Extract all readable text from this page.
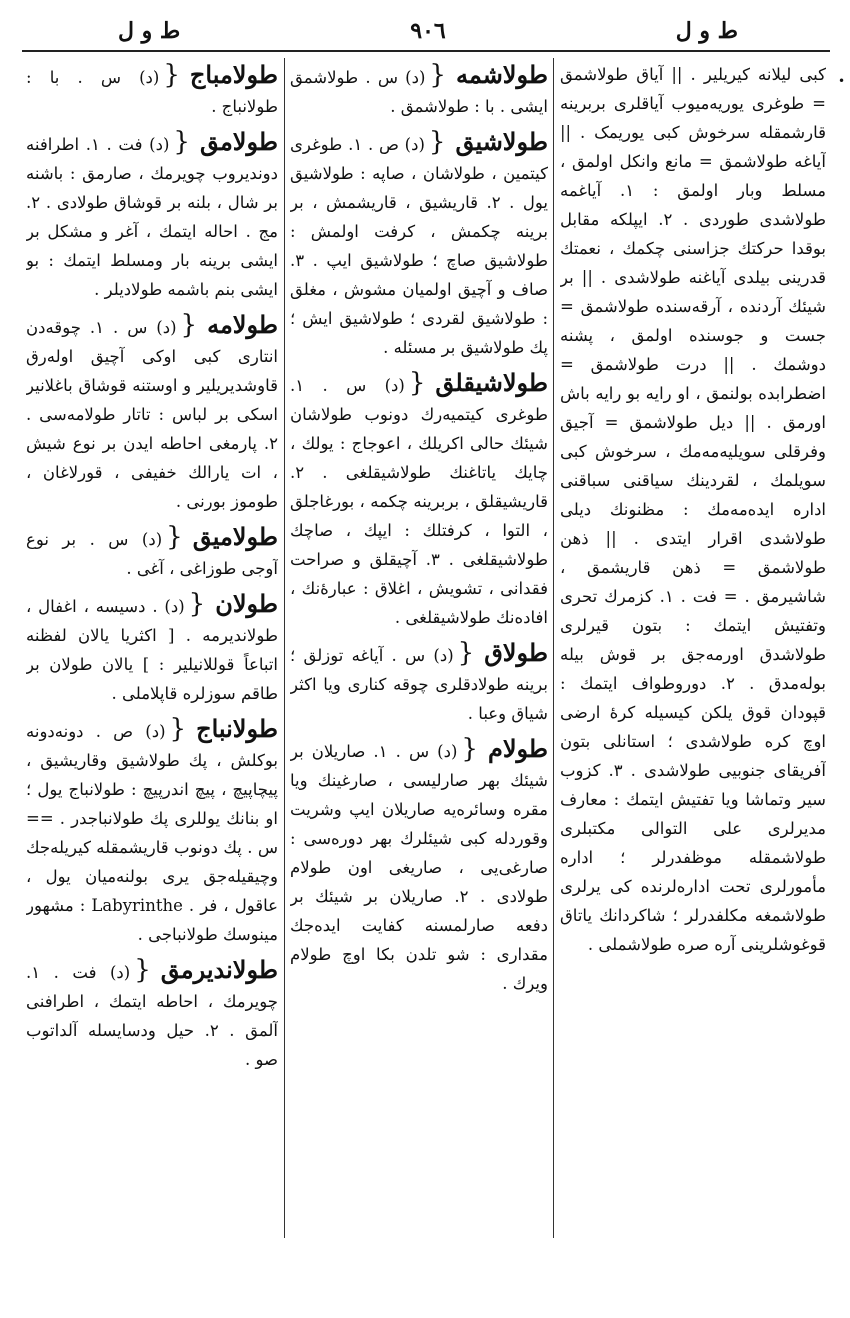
ط و ل
٩٠٦
ط و ل
•

کبی لیلانه کیریلیر . || آیاق طولاشمق = طوغری یوریه‌میوب آیاقلری بربرینه قارشمقله سرخوش کبی یوریمک . || آیاغه طولاشمق = مانع وانکل اولمق ، مسلط وبار اولمق : ١. آیاغمه طولاشدی طوردی . ٢. ایپلکه مقابل بوقدا حرکتك جزاسنی چکمك ، نعمتك قدرینی بیلدی آیاغنه طولاشدی . || بر شیئك آردنده ، آرقه‌سنده طولاشمق = جست و جوسنده اولمق ، پشنه دوشمك . || درت طولاشمق = اضطرابده بولنمق ، او رایه بو رایه باش اورمق . || دیل طولاشمق = آجیق وفرقلی سویلیه‌مه‌مك ، سرخوش کبی سویلمك ، لقردینك سیاقنی سباقنی اداره ایده‌مه‌مك : مظنونك دیلی طولاشدی اقرار ایتدی . || ذهن طولاشمق = ذهن قاریشمق ، شاشیرمق . = فت . ١. کزمرك تحری وتفتیش ایتمك : بتون قیرلری طولاشدق اورمه‌جق بر قوش بیله بوله‌مدق . ٢. دوروطواف ایتمك : قپودان قوق یلکن کیسیله کرهٔ ارضی اوچ کره طولاشدی ؛ استانلی بتون آفریقای جنوبیی طولاشدی . ٣. کزوب سیر وتماشا ویا تفتیش ایتمك : معارف مدیرلری علی التوالی مکتبلری طولاشمقله موظفدرلر ؛ اداره مأمورلری تحت اداره‌لرنده کی یرلری طولاشمغه مکلفدرلر ؛ شاکردانك یاتاق قوغوشلرینی آره صره طولاشملی .

طولاشمه{(د) س . طولاشمق ایشی . با : طولاشمق .

طولاشیق{(د) ص . ١. طوغری کیتمین ، طولاشان ، صاپه : طولاشیق یول . ٢. قاریشیق ، قاریشمش ، بر برینه چکمش ، کرفت اولمش : طولاشیق صاچ ؛ طولاشیق ایپ . ٣. صاف و آچیق اولمیان مشوش ، مغلق : طولاشیق لقردی ؛ طولاشیق ایش ؛ پك طولاشیق بر مسئله .

طولاشیقلق{(د) س . ١. طوغری کیتمیه‌رك دونوب طولاشان شیئك حالی اکریلك ، اعوجاج : یولك ، چایك یاتاغنك طولاشیقلغی . ٢. قاریشیقلق ، بربرینه چکمه ، بورغاجلق ، التوا ، کرفتلك : ایپك ، صاچك طولاشیقلغی . ٣. آچیقلق و صراحت فقدانی ، تشویش ، اغلاق : عبارهٔ‌نك ، افاده‌نك طولاشیقلغی .

طولاق{(د) س . آیاغه توزلق ؛ برینه طولادقلری چوقه کناری ویا اکثر شیاق وعبا .

طولام{(د) س . ١. صاریلان بر شیئك بهر صارلیسی ، صارغینك ویا مقره وسائره‌یه صاریلان ایپ وشریت وقوردله کبی شیئلرك بهر دوره‌سی : صارغی‌یی ، صاریغی اون طولام طولادی . ٢. صاریلان بر شیئك بر دفعه صارلمسنه کفایت ایده‌جك مقداری : شو تلدن بكا اوچ طولام ویرك .

طولامباج{(د) س . با : طولانباج .

طولامق{(د) فت . ١. اطرافنه دوندیروب چویرمك ، صارمق : باشنه بر شال ، بلنه بر قوشاق طولادی . ٢. مج . احاله ایتمك ، آغر و مشکل بر ایشی برینه بار ومسلط ایتمك : بو ایشی بنم باشمه طولادیلر .

طولامه{(د) س . ١. چوقه‌دن انتاری کبی اوکی آچیق اوله‌رق قاوشدیریلیر و اوستنه قوشاق باغلانیر اسکی بر لباس : تاتار طولامه‌سی . ٢. پارمغی احاطه ایدن بر نوع شیش ، ات یارالك خفیفی ، قورلاغان ، طوموز بورنی .

طولامیق{(د) س . بر نوع آوجی طوزاغی ، آغی .

طولان{(د) . دسیسه ، اغفال ، طولاندیرمه . [ اکثریا یالان لفظنه اتباعاً قوللانیلیر : ] یالان طولان بر طاقم سوزلره قاپلاملی .

طولانباج{(د) ص . دونه‌دونه بوکلش ، پك طولاشیق وقاریشیق ، پیچاپیچ ، پیچ اندرپیچ : طولانباج یول ؛ او بنانك یوللری پك طولانباجدر . == س . پك دونوب قاریشمقله کیریله‌جك وچیقیله‌جق یری بولنه‌میان یول ، عاقول ، فر . Labyrinthe : مشهور مینوسك طولانباجی .

طولاندیرمق{(د) فت . ١. چویرمك ، احاطه ایتمك ، اطرافنی آلمق . ٢. حیل ودسایسله آلداتوب صو .
